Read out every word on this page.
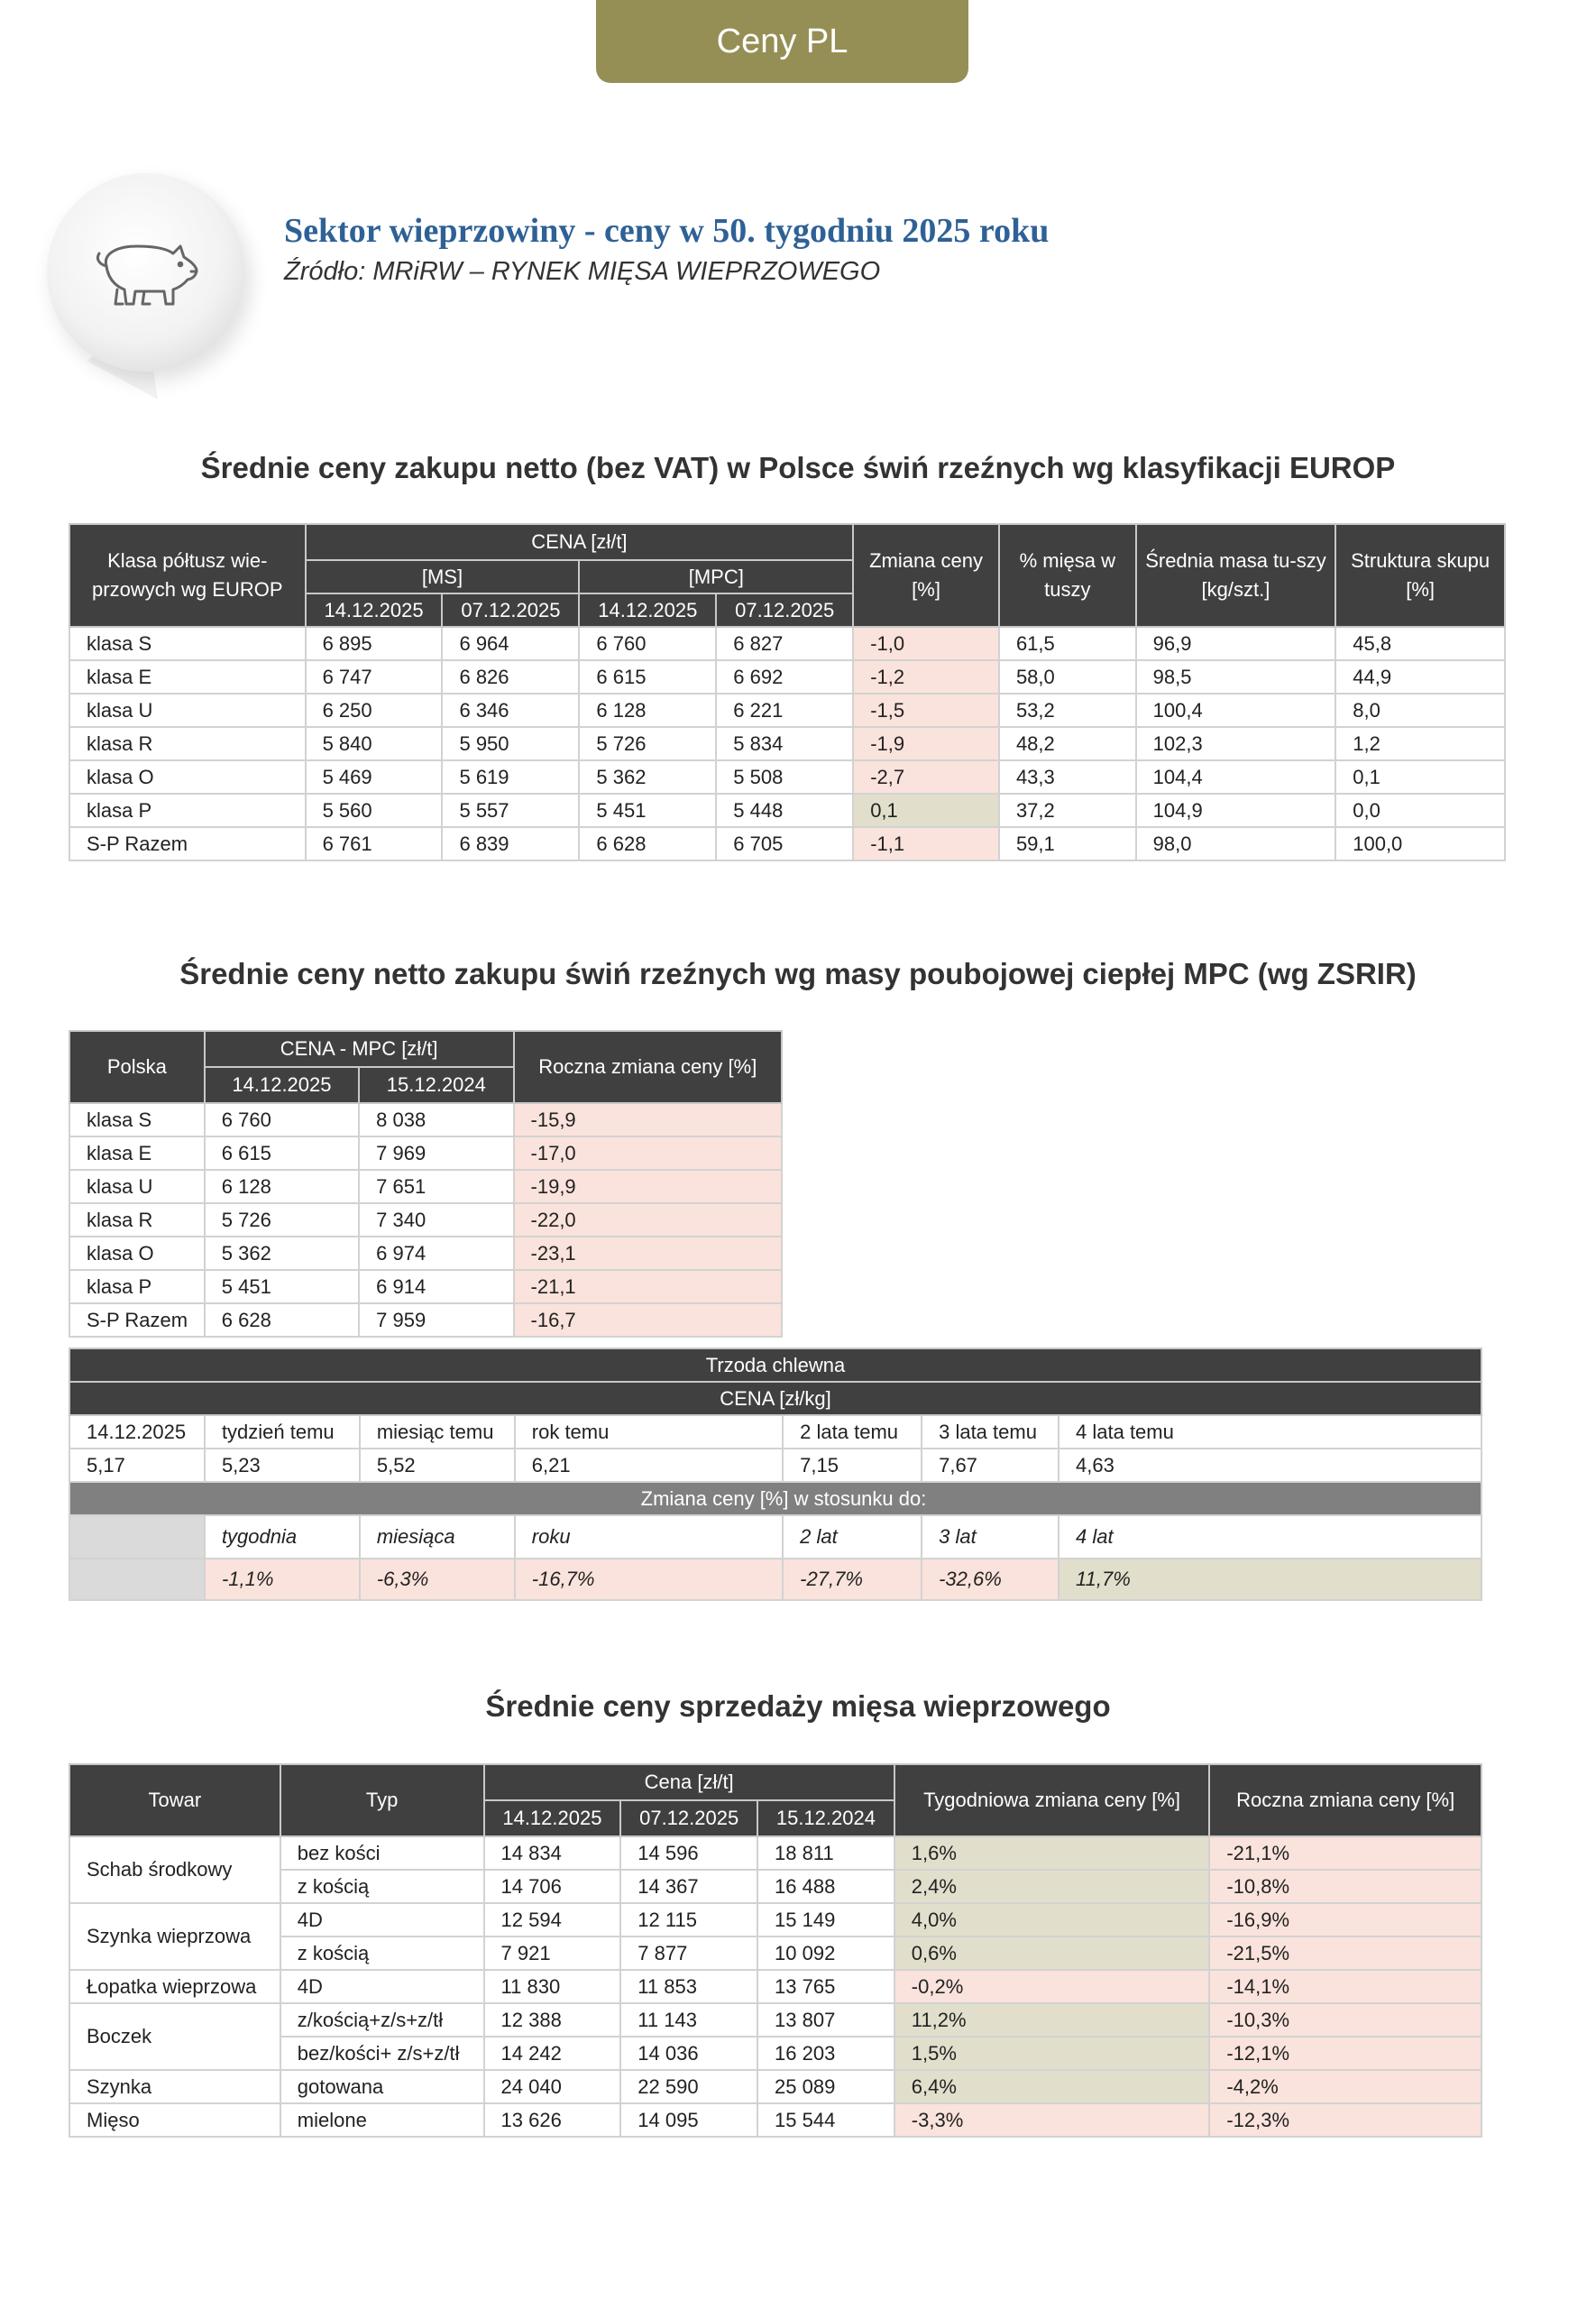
Ceny PL
Sektor wieprzowiny - ceny w 50. tygodniu 2025 roku
Źródło: MRiRW – RYNEK MIĘSA WIEPRZOWEGO
Średnie ceny zakupu netto (bez VAT) w Polsce świń rzeźnych wg klasyfikacji EUROP
Klasa półtusz wie-przowych wg EUROP	CENA [zł/t]				Zmiana ceny [%]	% mięsa w tuszy	Średnia masa tu-szy [kg/szt.]	Struktura skupu [%]
	[MS]		[MPC]					
	14.12.2025	07.12.2025	14.12.2025	07.12.2025				
klasa S	6 895	6 964	6 760	6 827	-1,0	61,5	96,9	45,8
klasa E	6 747	6 826	6 615	6 692	-1,2	58,0	98,5	44,9
klasa U	6 250	6 346	6 128	6 221	-1,5	53,2	100,4	8,0
klasa R	5 840	5 950	5 726	5 834	-1,9	48,2	102,3	1,2
klasa O	5 469	5 619	5 362	5 508	-2,7	43,3	104,4	0,1
klasa P	5 560	5 557	5 451	5 448	0,1	37,2	104,9	0,0
S-P Razem	6 761	6 839	6 628	6 705	-1,1	59,1	98,0	100,0
Średnie ceny netto zakupu świń rzeźnych wg masy poubojowej ciepłej MPC (wg ZSRIR)
Polska	CENA - MPC [zł/t]		Roczna zmiana ceny [%]
	14.12.2025	15.12.2024	
klasa S	6 760	8 038	-15,9
klasa E	6 615	7 969	-17,0
klasa U	6 128	7 651	-19,9
klasa R	5 726	7 340	-22,0
klasa O	5 362	6 974	-23,1
klasa P	5 451	6 914	-21,1
S-P Razem	6 628	7 959	-16,7
Trzoda chlewna						
CENA [zł/kg]						
14.12.2025	tydzień temu	miesiąc temu	rok temu	2 lata temu	3 lata temu	4 lata temu
5,17	5,23	5,52	6,21	7,15	7,67	4,63
Zmiana ceny [%] w stosunku do:						
	tygodnia	miesiąca	roku	2 lat	3 lat	4 lat
	-1,1%	-6,3%	-16,7%	-27,7%	-32,6%	11,7%
Średnie ceny sprzedaży mięsa wieprzowego
Towar	Typ	Cena [zł/t]			Tygodniowa zmiana ceny [%]	Roczna zmiana ceny [%]
		14.12.2025	07.12.2025	15.12.2024		
Schab środkowy	bez kości	14 834	14 596	18 811	1,6%	-21,1%
	z kością	14 706	14 367	16 488	2,4%	-10,8%
Szynka wieprzowa	4D	12 594	12 115	15 149	4,0%	-16,9%
	z kością	7 921	7 877	10 092	0,6%	-21,5%
Łopatka wieprzowa	4D	11 830	11 853	13 765	-0,2%	-14,1%
Boczek	z/kością+z/s+z/tł	12 388	11 143	13 807	11,2%	-10,3%
	bez/kości+ z/s+z/tł	14 242	14 036	16 203	1,5%	-12,1%
Szynka	gotowana	24 040	22 590	25 089	6,4%	-4,2%
Mięso	mielone	13 626	14 095	15 544	-3,3%	-12,3%
